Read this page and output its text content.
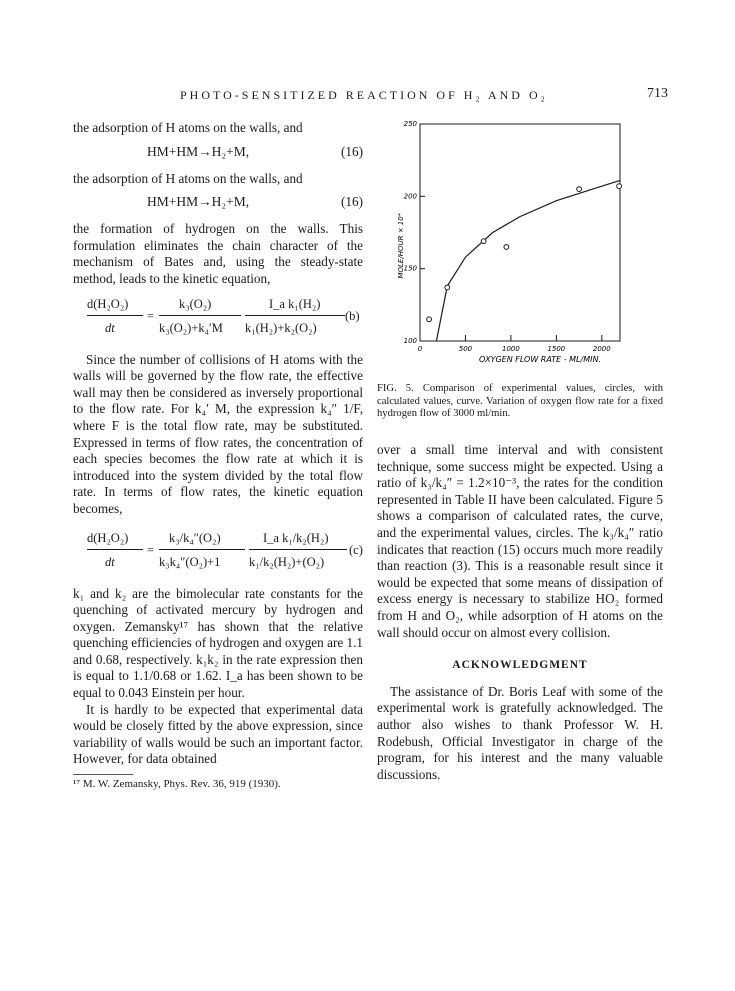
PHOTO-SENSITIZED REACTION OF H₂ AND O₂	713

the adsorption of H atoms on the walls, and

HM+HM→H₂+M,	(16)

the adsorption of H atoms on the walls, and

HM+HM→H₂+M,	(16)

the formation of hydrogen on the walls. This formulation eliminates the chain character of the mechanism of Bates and, using the steady-state method, leads to the kinetic equation,

d(H₂O₂)
dt
=
k₃(O₂)
k₃(O₂)+k₄′M
I_a k₁(H₂)
k₁(H₂)+k₂(O₂)
(b)

Since the number of collisions of H atoms with the walls will be governed by the flow rate, the effective wall may then be considered as inversely proportional to the flow rate. For k₄′ M, the expression k₄″ 1/F, where F is the total flow rate, may be substituted. Expressed in terms of flow rates, the concentration of each species becomes the flow rate at which it is introduced into the system divided by the total flow rate. In terms of flow rates, the kinetic equation becomes,

d(H₂O₂)
dt
=
k₃/k₄″(O₂)
k₃k₄″(O₂)+1
I_a k₁/k₂(H₂)
k₁/k₂(H₂)+(O₂)
(c)

k₁ and k₂ are the bimolecular rate constants for the quenching of activated mercury by hydrogen and oxygen. Zemansky¹⁷ has shown that the relative quenching efficiencies of hydrogen and oxygen are 1.1 and 0.68, respectively. k₁k₂ in the rate expression then is equal to 1.1/0.68 or 1.62. I_a has been shown to be equal to 0.043 Einstein per hour.

It is hardly to be expected that experimental data would be closely fitted by the above expression, since variability of walls would be such an important factor. However, for data obtained

¹⁷ M. W. Zemansky, Phys. Rev. 36, 919 (1930).

0	500	1000	1500	2000
100
150
200
250
OXYGEN FLOW RATE - ML/MIN.
MOLE/HOUR × 10⁴
FIG. 5. Comparison of experimental values, circles, with calculated values, curve. Variation of oxygen flow rate for a fixed hydrogen flow of 3000 ml/min.

over a small time interval and with consistent technique, some success might be expected. Using a ratio of k₃/k₄″ = 1.2×10⁻³, the rates for the condition represented in Table II have been calculated. Figure 5 shows a comparison of calculated rates, the curve, and the experimental values, circles. The k₃/k₄″ ratio indicates that reaction (15) occurs much more readily than reaction (3). This is a reasonable result since it would be expected that some means of dissipation of excess energy is necessary to stabilize HO₂ formed from H and O₂, while adsorption of H atoms on the wall should occur on almost every collision.

ACKNOWLEDGMENT

The assistance of Dr. Boris Leaf with some of the experimental work is gratefully acknowledged. The author also wishes to thank Professor W. H. Rodebush, Official Investigator in charge of the program, for his interest and the many valuable discussions.
